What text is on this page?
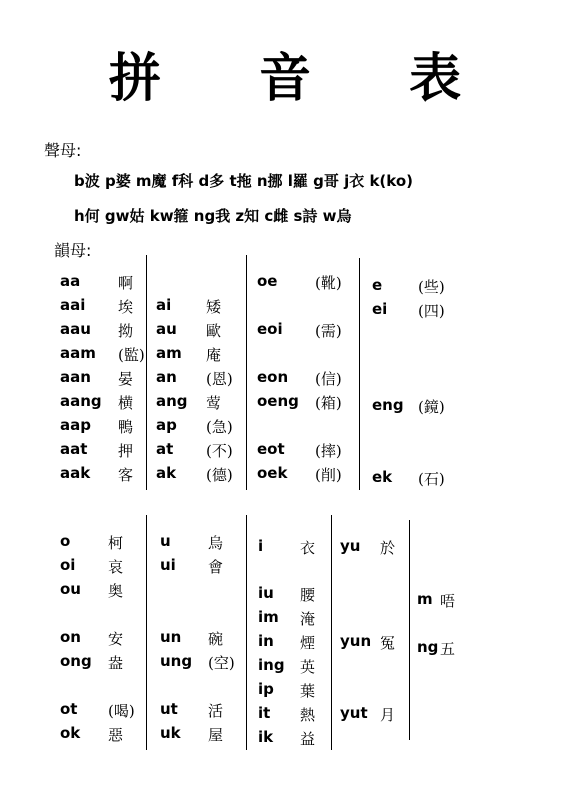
拼 音 表
聲母:
b波 p婆 m魔 f科 d多 t拖 n挪 l羅 g哥 j衣 k(ko)
h何 gw姑 kw箍 ng我 z知 c雌 s詩 w烏
韻母:
aa	啊
aai 埃
aau 拗
aam (監)
aan 晏
aang 横
aap 鴨
aat 押
aak 客
ai 矮
au 歐
am 庵
an (恩)
ang 莺
ap (急)
at (不)
ak (德)
oe	(靴)
eoi (需)
eon (信)
oeng (箱)
eot (摔)
oek (削)
e (些)
ei (四)
eng (鏡)
ek (石)
o	柯
oi 哀
ou 奥
on 安
ong 盎
ot (喝)
ok 惡
u 烏
ui 會
un 碗
ung (空)
ut 活
uk 屋
i 衣
iu 腰
im 淹
in 煙
ing 英
ip 葉
it 熱
ik 益
yu 於
yun 冤
yut 月
m 唔
ng 五
